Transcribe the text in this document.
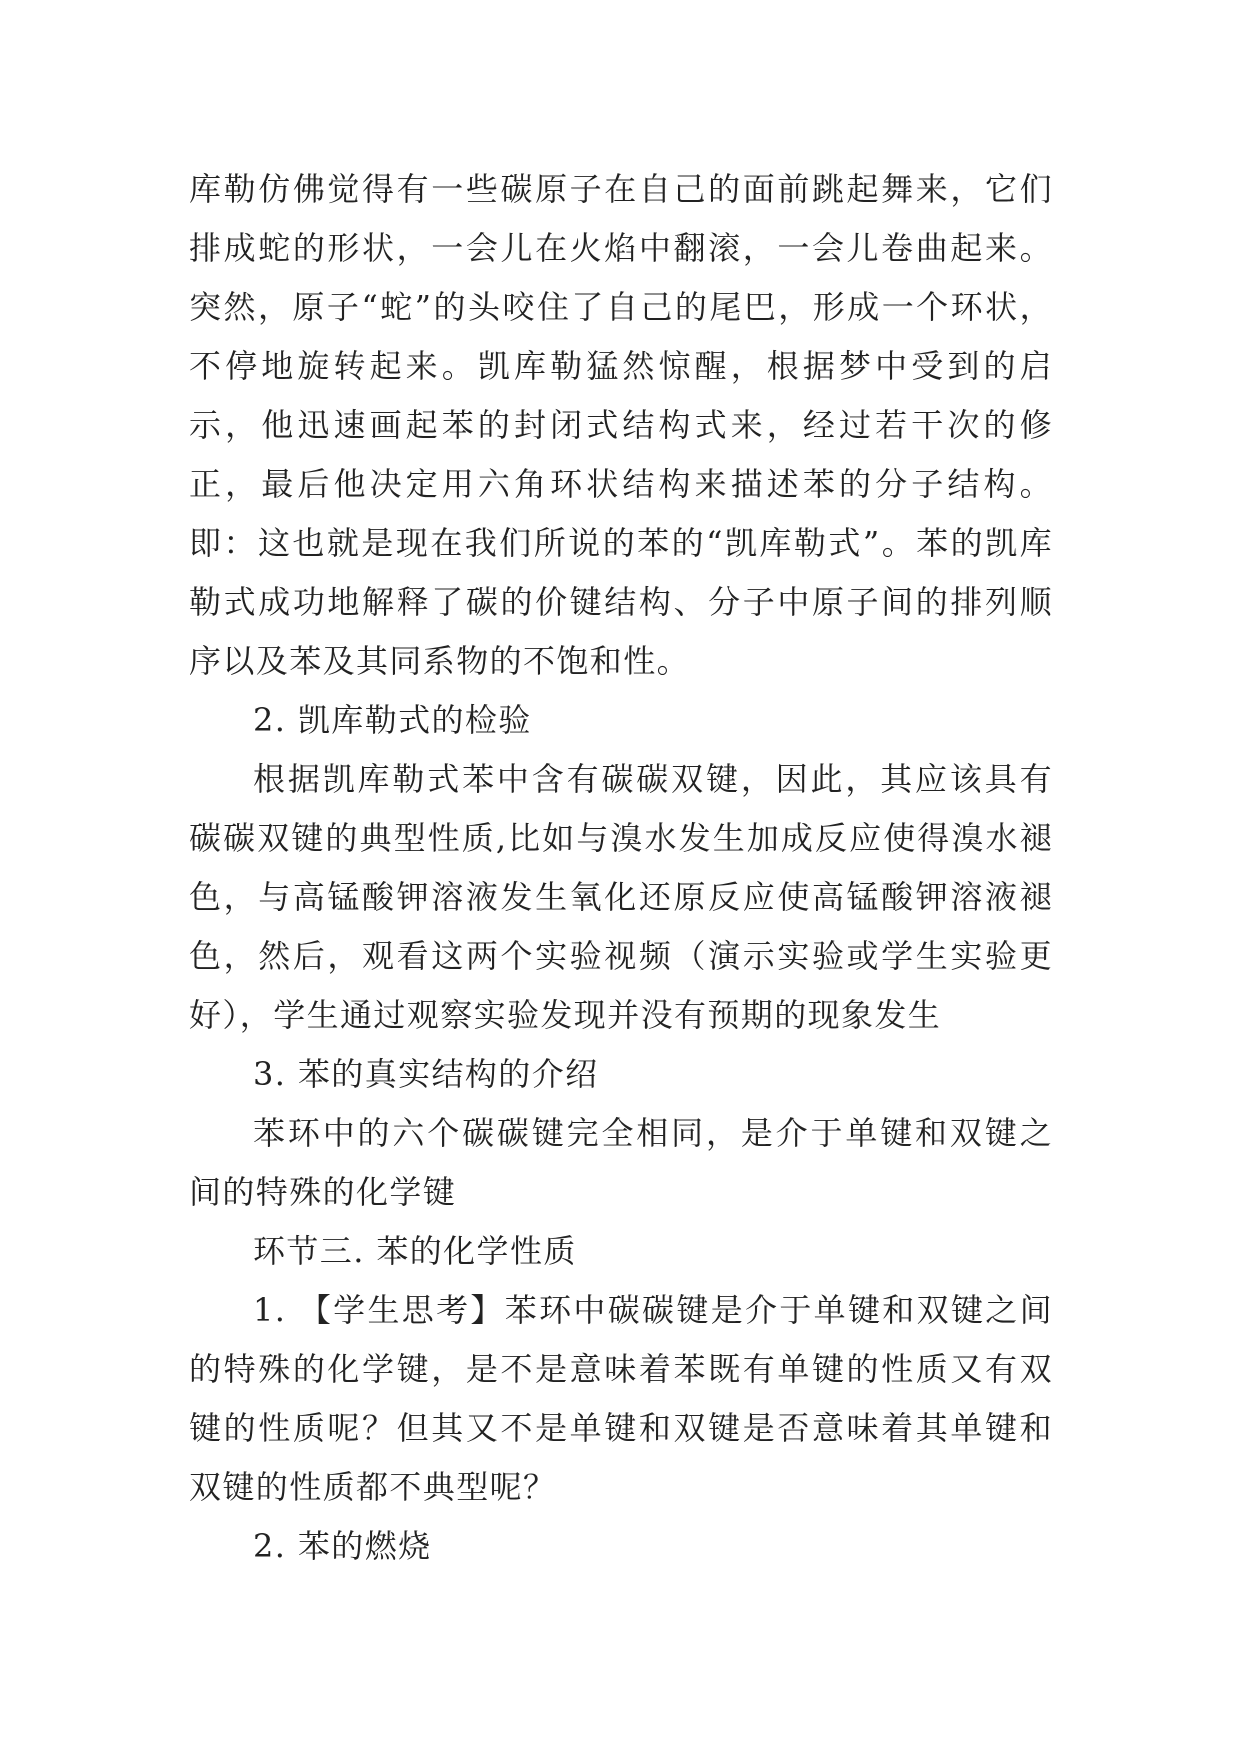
库勒仿佛觉得有一些碳原子在自己的面前跳起舞来，它们排成蛇的形状，一会儿在火焰中翻滚，一会儿卷曲起来。突然，原子“蛇”的头咬住了自己的尾巴，形成一个环状，不停地旋转起来。凯库勒猛然惊醒，根据梦中受到的启示，他迅速画起苯的封闭式结构式来，经过若干次的修正，最后他决定用六角环状结构来描述苯的分子结构。即：这也就是现在我们所说的苯的“凯库勒式”。苯的凯库勒式成功地解释了碳的价键结构、分子中原子间的排列顺序以及苯及其同系物的不饱和性。

2. 凯库勒式的检验

根据凯库勒式苯中含有碳碳双键，因此，其应该具有碳碳双键的典型性质,比如与溴水发生加成反应使得溴水褪色，与高锰酸钾溶液发生氧化还原反应使高锰酸钾溶液褪色，然后，观看这两个实验视频（演示实验或学生实验更好），学生通过观察实验发现并没有预期的现象发生

3. 苯的真实结构的介绍

苯环中的六个碳碳键完全相同，是介于单键和双键之间的特殊的化学键

环节三. 苯的化学性质

1. 【学生思考】苯环中碳碳键是介于单键和双键之间的特殊的化学键，是不是意味着苯既有单键的性质又有双键的性质呢？但其又不是单键和双键是否意味着其单键和双键的性质都不典型呢？

2. 苯的燃烧
